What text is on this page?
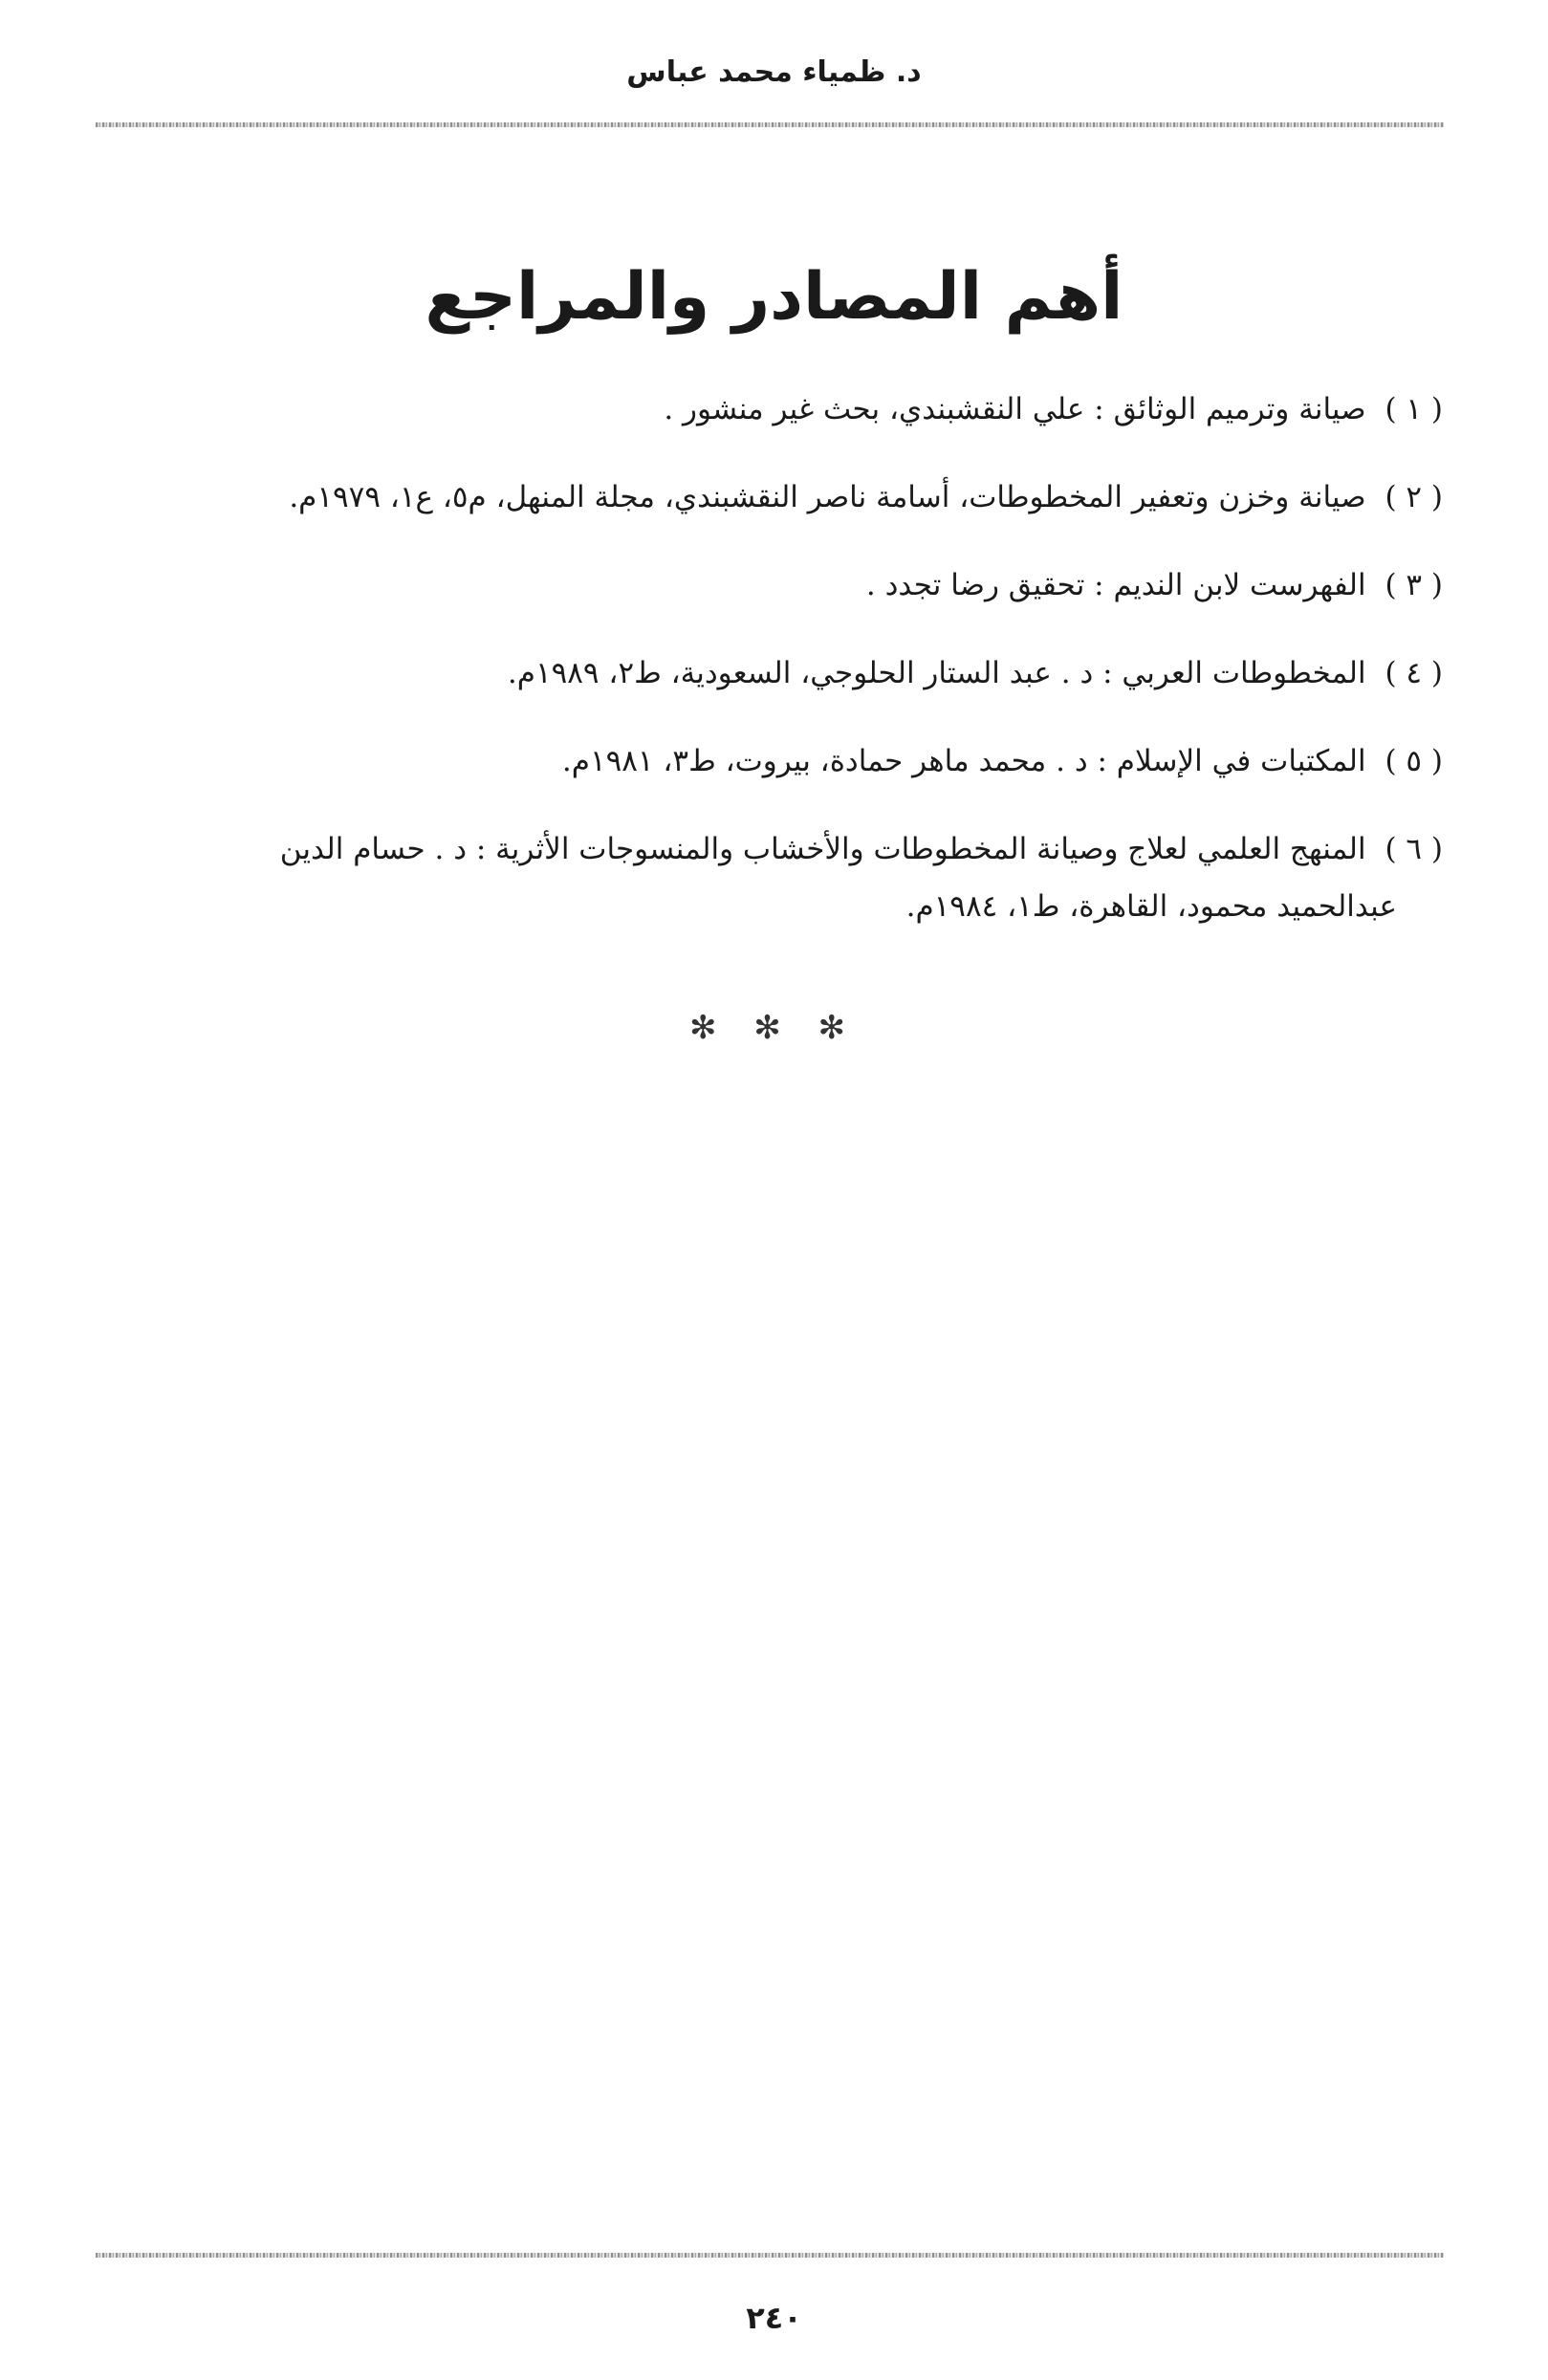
د. ظمياء محمد عباس
أهم المصادر والمراجع
( ١ ) صيانة وترميم الوثائق : علي النقشبندي، بحث غير منشور .
( ٢ ) صيانة وخزن وتعفير المخطوطات، أسامة ناصر النقشبندي، مجلة المنهل، م٥، ع١، ١٩٧٩م.
( ٣ ) الفهرست لابن النديم : تحقيق رضا تجدد .
( ٤ ) المخطوطات العربي : د . عبد الستار الحلوجي، السعودية، ط٢، ١٩٨٩م.
( ٥ ) المكتبات في الإسلام : د . محمد ماهر حمادة، بيروت، ط٣، ١٩٨١م.
( ٦ ) المنهج العلمي لعلاج وصيانة المخطوطات والأخشاب والمنسوجات الأثرية : د . حسام الدين
عبدالحميد محمود، القاهرة، ط١، ١٩٨٤م.
✻ ✻ ✻
٢٤٠
